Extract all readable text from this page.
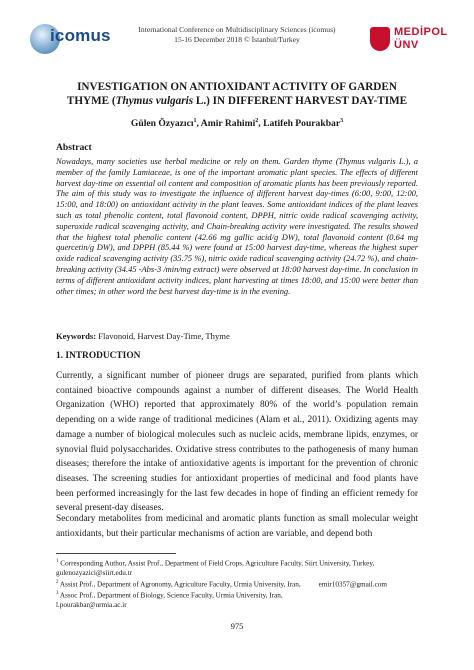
icomus	International Conference on Multidisciplinary Sciences (icomus)
15-16 December 2018 © İstanbul/Turkey
MEDİPOL
ÜNV
INVESTIGATION ON ANTIOXIDANT ACTIVITY OF GARDEN
THYME (Thymus vulgaris L.) IN DIFFERENT HARVEST DAY-TIME
Gülen Özyazıcı$^1$, Amir Rahimi$^2$, Latifeh Pourakbar$^3$
Abstract
Nowadays, many societies use herbal medicine or rely on them. Garden thyme (Thymus vulgaris L.), a member of the family Lamiaceae, is one of the important aromatic plant species. The effects of different harvest day-time on essential oil content and composition of aromatic plants has been previously reported. The aim of this study was to investigate the influence of different harvest day-times (6:00, 9:00, 12:00, 15:00, and 18:00) on antioxidant activity in the plant leaves. Some antioxidant indices of the plant leaves such as total phenolic content, total flavonoid content, DPPH, nitric oxide radical scavenging activity, superoxide radical scavenging activity, and Chain-breaking activity were investigated. The results showed that the highest total phenolic content (42.66 mg gallic acid/g DW), total flavonoid content (0.64 mg quercetin/g DW), and DPPH (85.44 %) were found at 15:00 harvest day-time, whereas the highest super oxide radical scavenging activity (35.75 %), nitric oxide radical scavenging activity (24.72 %), and chain-breaking activity (34.45 -Abs-3 /min/mg extract) were observed at 18:00 harvest day-time. In conclusion in terms of different antioxidant activity indices, plant harvesting at times 18:00, and 15:00 were better than other times; in other word the best harvest day-time is in the evening.
Keywords: Flavonoid, Harvest Day-Time, Thyme
1. INTRODUCTION
Currently, a significant number of pioneer drugs are separated, purified from plants which contained bioactive compounds against a number of different diseases. The World Health Organization (WHO) reported that approximately 80% of the world’s population remain depending on a wide range of traditional medicines (Alam et al., 2011). Oxidizing agents may damage a number of biological molecules such as nucleic acids, membrane lipids, enzymes, or synovial fluid polysaccharides. Oxidative stress contributes to the pathogenesis of many human diseases; therefore the intake of antioxidative agents is important for the prevention of chronic diseases. The screening studies for antioxidant properties of medicinal and food plants have been performed increasingly for the last few decades in hope of finding an efficient remedy for several present-day diseases.
Secondary metabolites from medicinal and aromatic plants function as small molecular weight antioxidants, but their particular mechanisms of action are variable, and depend both
$^1$ Corresponding Author, Assist Prof., Department of Field Crops, Agriculture Faculty, Siirt University, Turkey,
gulenozyazici@siirt.edu.tr
$^2$ Assist Prof., Department of Agronomy, Agriculture Faculty, Urmia University, Iran,	emir10357@gmail.com
$^3$ Assoc Prof., Department of Biology, Science Faculty, Urmia University, Iran,
l.pourakbar@urmia.ac.ir
975
